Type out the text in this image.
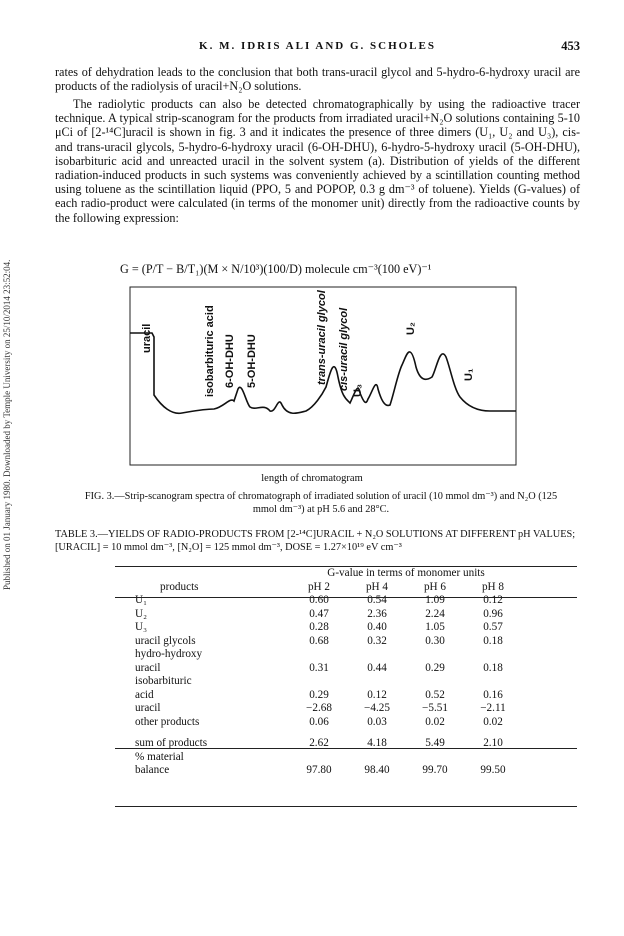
Published on 01 January 1980. Downloaded by Temple University on 25/10/2014 23:52:04.
K. M. IDRIS ALI AND G. SCHOLES	453
rates of dehydration leads to the conclusion that both trans-uracil glycol and 5-hydro-6-hydroxy uracil are products of the radiolysis of uracil+N₂O solutions.
The radiolytic products can also be detected chromatographically by using the radioactive tracer technique. A typical strip-scanogram for the products from irradiated uracil+N₂O solutions containing 5-10 μCi of [2-¹⁴C]uracil is shown in fig. 3 and it indicates the presence of three dimers (U₁, U₂ and U₃), cis- and trans-uracil glycols, 5-hydro-6-hydroxy uracil (6-OH-DHU), 6-hydro-5-hydroxy uracil (5-OH-DHU), isobarbituric acid and unreacted uracil in the solvent system (a). Distribution of yields of the different radiation-induced products in such systems was conveniently achieved by a scintillation counting method using toluene as the scintillation liquid (PPO, 5 and POPOP, 0.3 g dm⁻³ of toluene). Yields (G-values) of each radio-product were calculated (in terms of the monomer unit) directly from the radioactive counts by the following expression:
G = (P/T − B/T₁)(M × N/10³)(100/D) molecule cm⁻³(100 eV)⁻¹
uracil	isobarbituric acid 6-OH-DHU 5-OH-DHU	trans-uracil glycol cis-uracil glycol U₃
U₂
U₁
length of chromatogram
FIG. 3.—Strip-scanogram spectra of chromatograph of irradiated solution of uracil (10 mmol dm⁻³) and N₂O (125 mmol dm⁻³) at pH 5.6 and 28°C.
TABLE 3.—YIELDS OF RADIO-PRODUCTS FROM [2-¹⁴C]URACIL + N₂O SOLUTIONS AT DIFFERENT pH VALUES; [URACIL] = 10 mmol dm⁻³, [N₂O] = 125 mmol dm⁻³, DOSE = 1.27×10¹⁹ eV cm⁻³
	G-value in terms of monomer units			
products	pH 2	pH 4	pH 6	pH 8
U₁	0.60	0.54	1.09	0.12
U₂	0.47	2.36	2.24	0.96
U₃	0.28	0.40	1.05	0.57
uracil glycols	0.68	0.32	0.30	0.18
hydro-hydroxy				
uracil	0.31	0.44	0.29	0.18
isobarbituric				
acid	0.29	0.12	0.52	0.16
uracil	−2.68	−4.25	−5.51	−2.11
other products	0.06	0.03	0.02	0.02

sum of products	2.62	4.18	5.49	2.10
% material				
balance	97.80	98.40	99.70	99.50
